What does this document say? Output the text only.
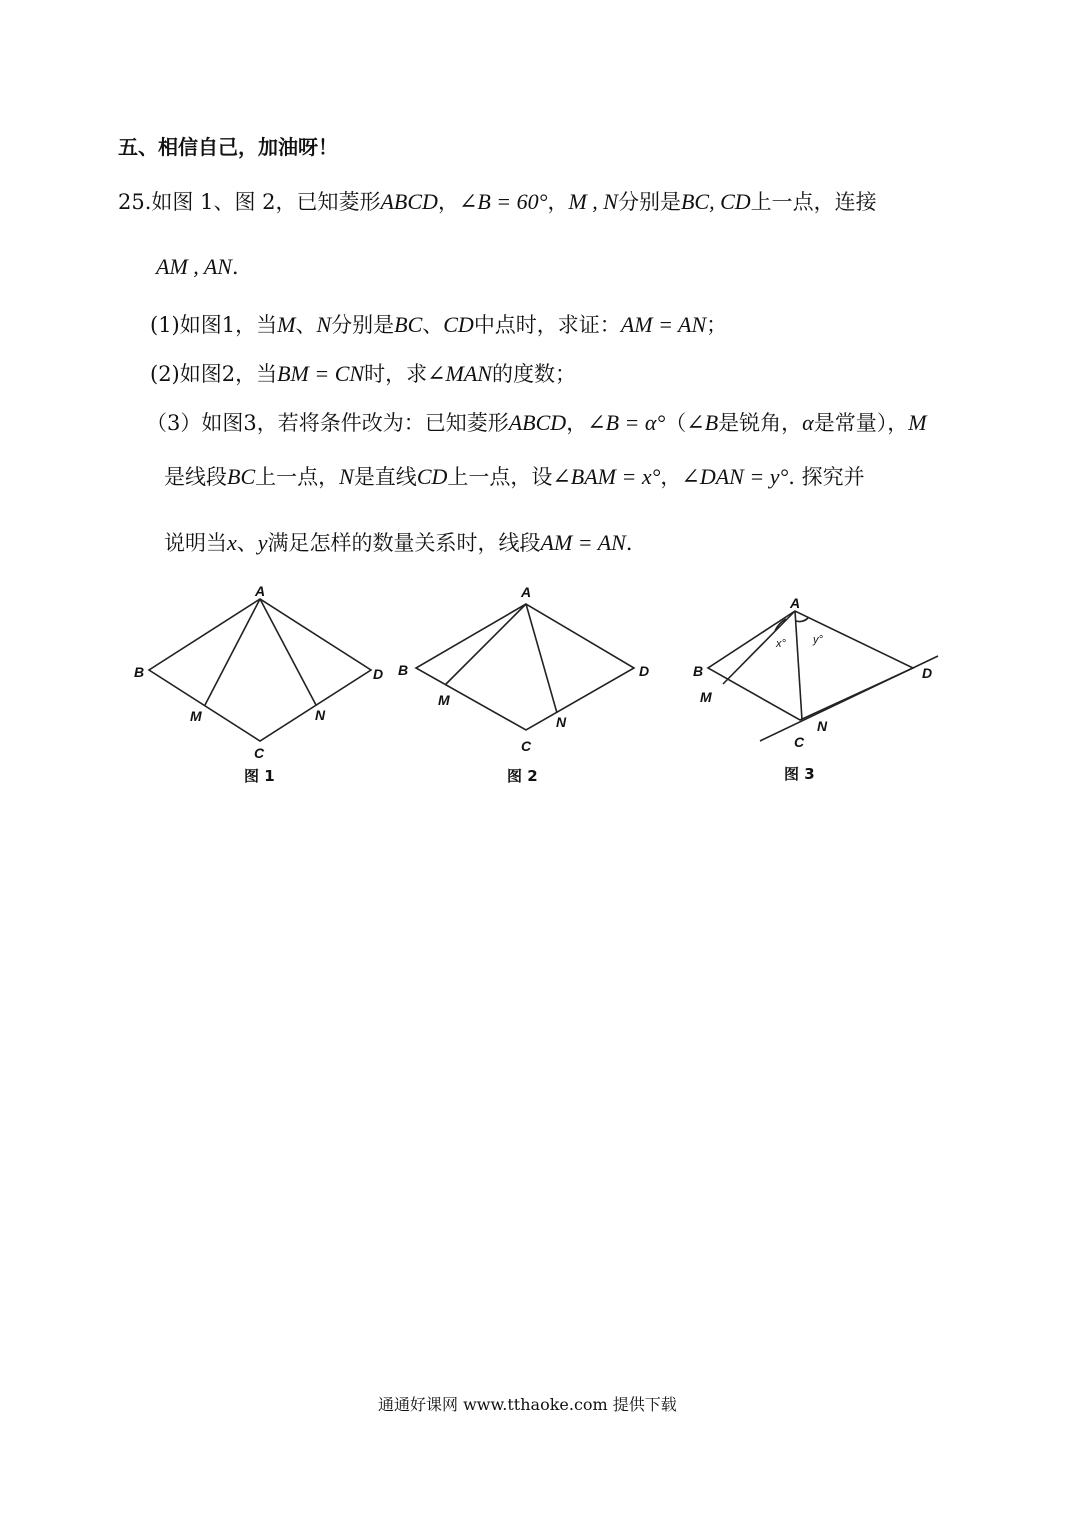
五、相信自己，加油呀！
25.如图 1、图 2，已知菱形ABCD，∠B = 60°，M , N分别是BC, CD上一点，连接
AM , AN．
(1)如图1，当M、N分别是BC、CD中点时，求证：AM = AN；
(2)如图2，当BM = CN时，求∠MAN的度数；
（3）如图3，若将条件改为：已知菱形ABCD，∠B = α°（∠B是锐角，α是常量），M
是线段BC上一点，N是直线CD上一点，设∠BAM = x°，∠DAN = y°. 探究并
说明当x、y满足怎样的数量关系时，线段AM = AN．
A
B
C
D
M	N
图 1
A
B
C
D
M
N
图 2
A
B
C
D
M
N
x° y°
图 3
通通好课网 www.tthaoke.com 提供下载
